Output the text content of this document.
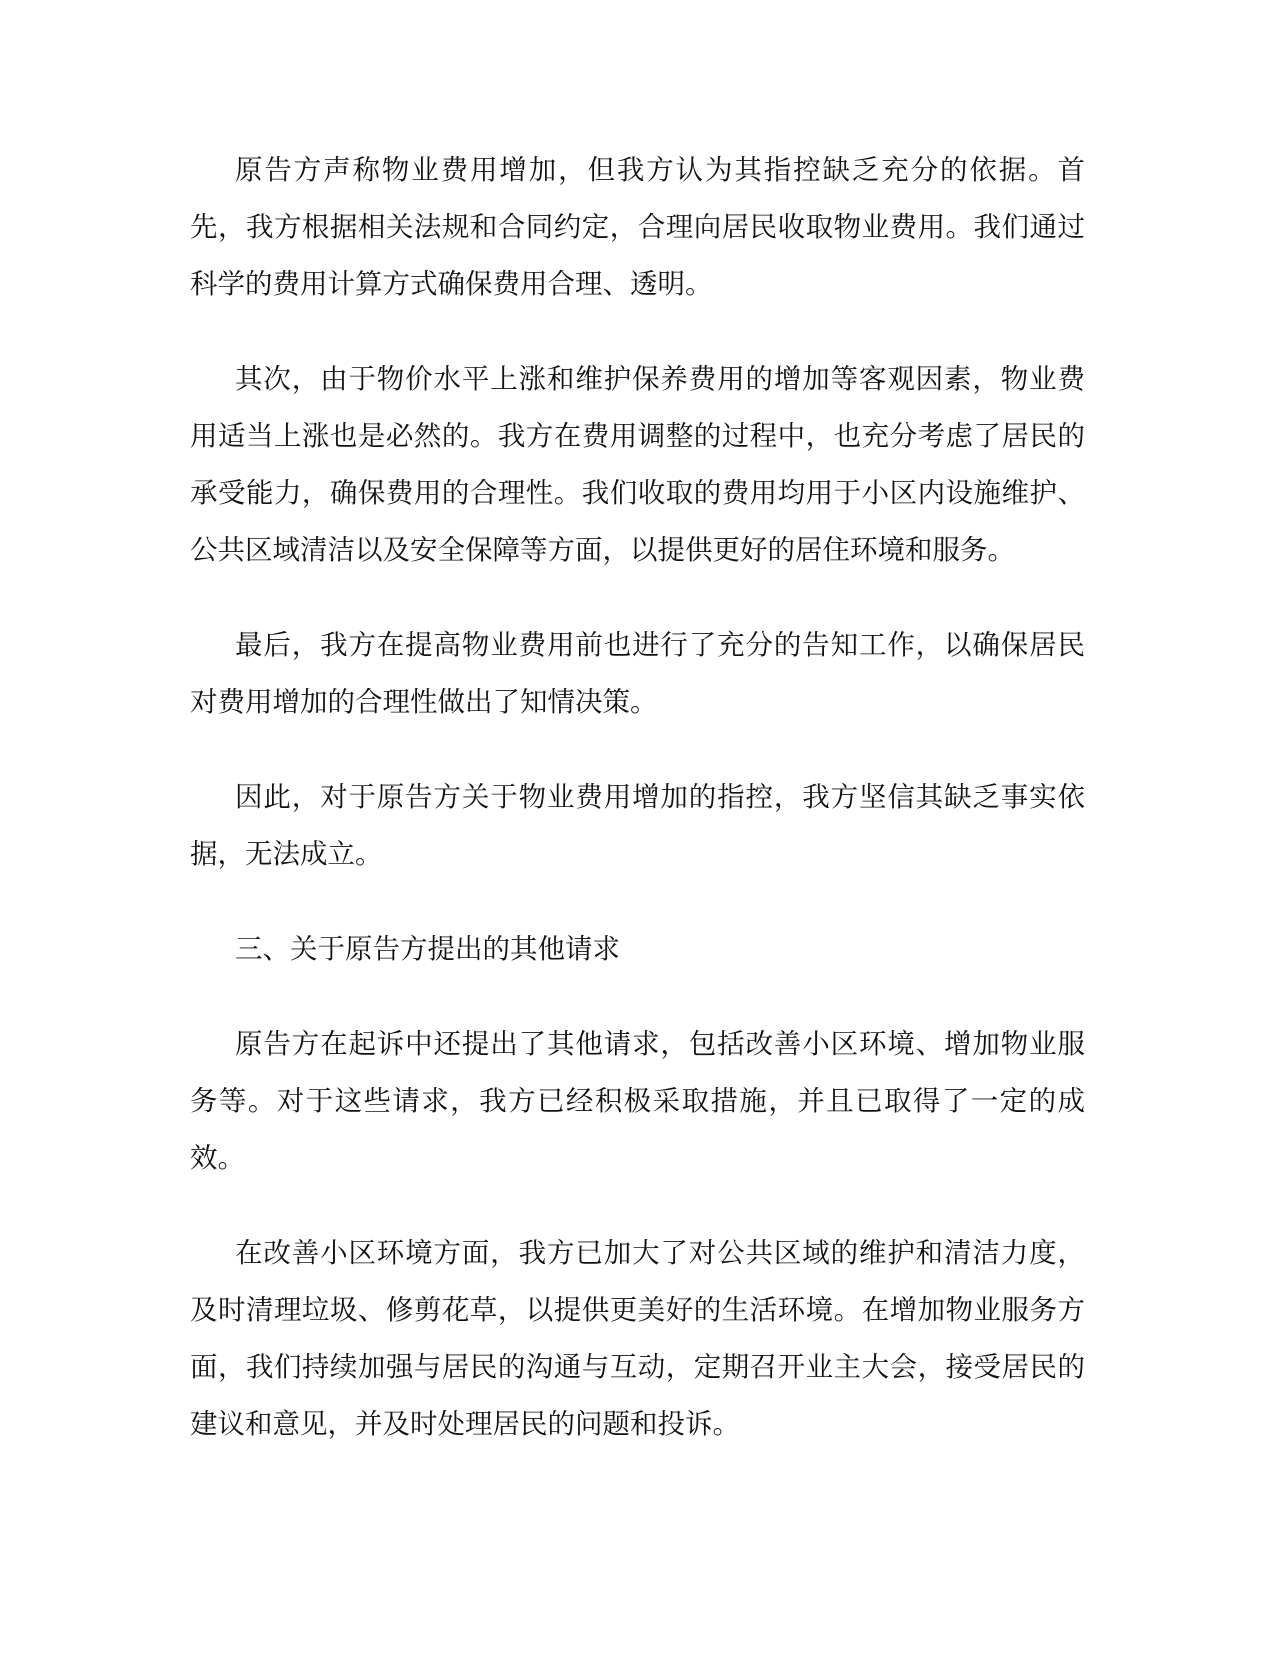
原告方声称物业费用增加，但我方认为其指控缺乏充分的依据。首先，我方根据相关法规和合同约定，合理向居民收取物业费用。我们通过科学的费用计算方式确保费用合理、透明。

其次，由于物价水平上涨和维护保养费用的增加等客观因素，物业费用适当上涨也是必然的。我方在费用调整的过程中，也充分考虑了居民的承受能力，确保费用的合理性。我们收取的费用均用于小区内设施维护、公共区域清洁以及安全保障等方面，以提供更好的居住环境和服务。

最后，我方在提高物业费用前也进行了充分的告知工作，以确保居民对费用增加的合理性做出了知情决策。

因此，对于原告方关于物业费用增加的指控，我方坚信其缺乏事实依据，无法成立。

三、关于原告方提出的其他请求

原告方在起诉中还提出了其他请求，包括改善小区环境、增加物业服务等。对于这些请求，我方已经积极采取措施，并且已取得了一定的成效。

在改善小区环境方面，我方已加大了对公共区域的维护和清洁力度，及时清理垃圾、修剪花草，以提供更美好的生活环境。在增加物业服务方面，我们持续加强与居民的沟通与互动，定期召开业主大会，接受居民的建议和意见，并及时处理居民的问题和投诉。
